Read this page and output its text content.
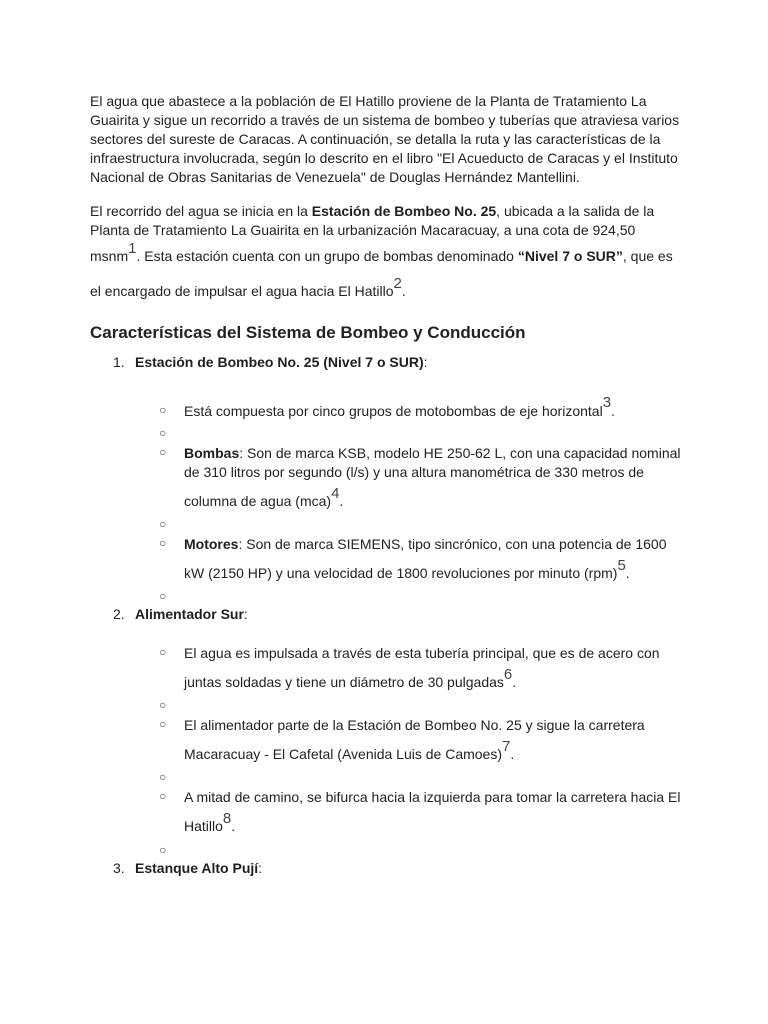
El agua que abastece a la población de El Hatillo proviene de la Planta de Tratamiento La Guairita y sigue un recorrido a través de un sistema de bombeo y tuberías que atraviesa varios sectores del sureste de Caracas. A continuación, se detalla la ruta y las características de la infraestructura involucrada, según lo descrito en el libro "El Acueducto de Caracas y el Instituto Nacional de Obras Sanitarias de Venezuela" de Douglas Hernández Mantellini.

El recorrido del agua se inicia en la Estación de Bombeo No. 25, ubicada a la salida de la Planta de Tratamiento La Guairita en la urbanización Macaracuay, a una cota de 924,50

msnm1. Esta estación cuenta con un grupo de bombas denominado “Nivel 7 o SUR”, que es

el encargado de impulsar el agua hacia El Hatillo2.

Características del Sistema de Bombeo y Conducción
1. Estación de Bombeo No. 25 (Nivel 7 o SUR):
○ Está compuesta por cinco grupos de motobombas de eje horizontal3.
○
○ Bombas: Son de marca KSB, modelo HE 250-62 L, con una capacidad nominal
de 310 litros por segundo (l/s) y una altura manométrica de 330 metros de
columna de agua (mca)4.
○
○ Motores: Son de marca SIEMENS, tipo sincrónico, con una potencia de 1600
kW (2150 HP) y una velocidad de 1800 revoluciones por minuto (rpm)5.
○
2. Alimentador Sur:
○ El agua es impulsada a través de esta tubería principal, que es de acero con
juntas soldadas y tiene un diámetro de 30 pulgadas6.
○
○ El alimentador parte de la Estación de Bombeo No. 25 y sigue la carretera
Macaracuay - El Cafetal (Avenida Luis de Camoes)7.
○
○ A mitad de camino, se bifurca hacia la izquierda para tomar la carretera hacia El
Hatillo8.
○
3. Estanque Alto Pují:
